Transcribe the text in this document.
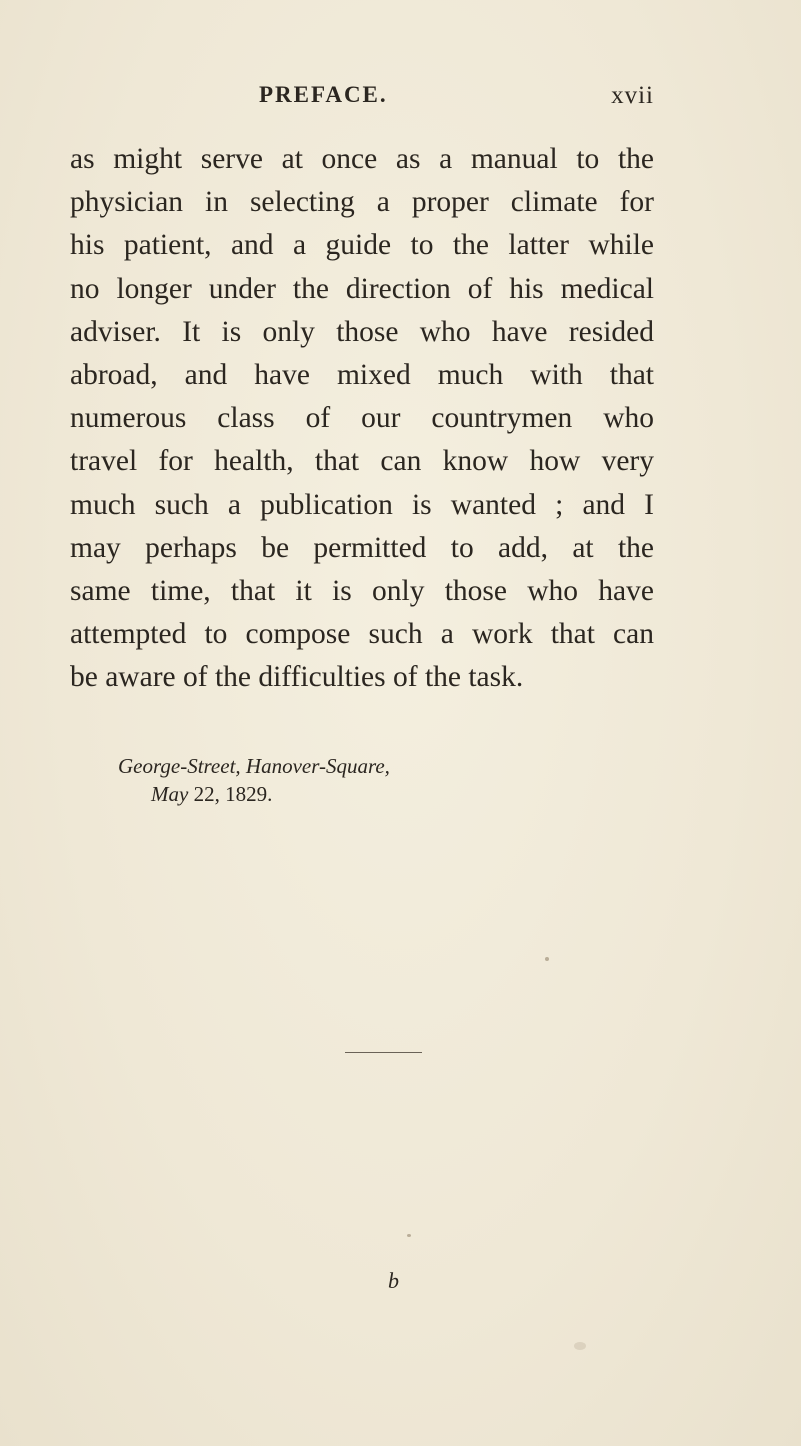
PREFACE.	xvii
as might serve at once as a manual to the
physician in selecting a proper climate for
his patient, and a guide to the latter while
no longer under the direction of his medical
adviser. It is only those who have resided
abroad, and have mixed much with that
numerous class of our countrymen who
travel for health, that can know how very
much such a publication is wanted ; and I
may perhaps be permitted to add, at the
same time, that it is only those who have
attempted to compose such a work that can
be aware of the difficulties of the task.
George-Street, Hanover-Square,
May 22, 1829.
b
